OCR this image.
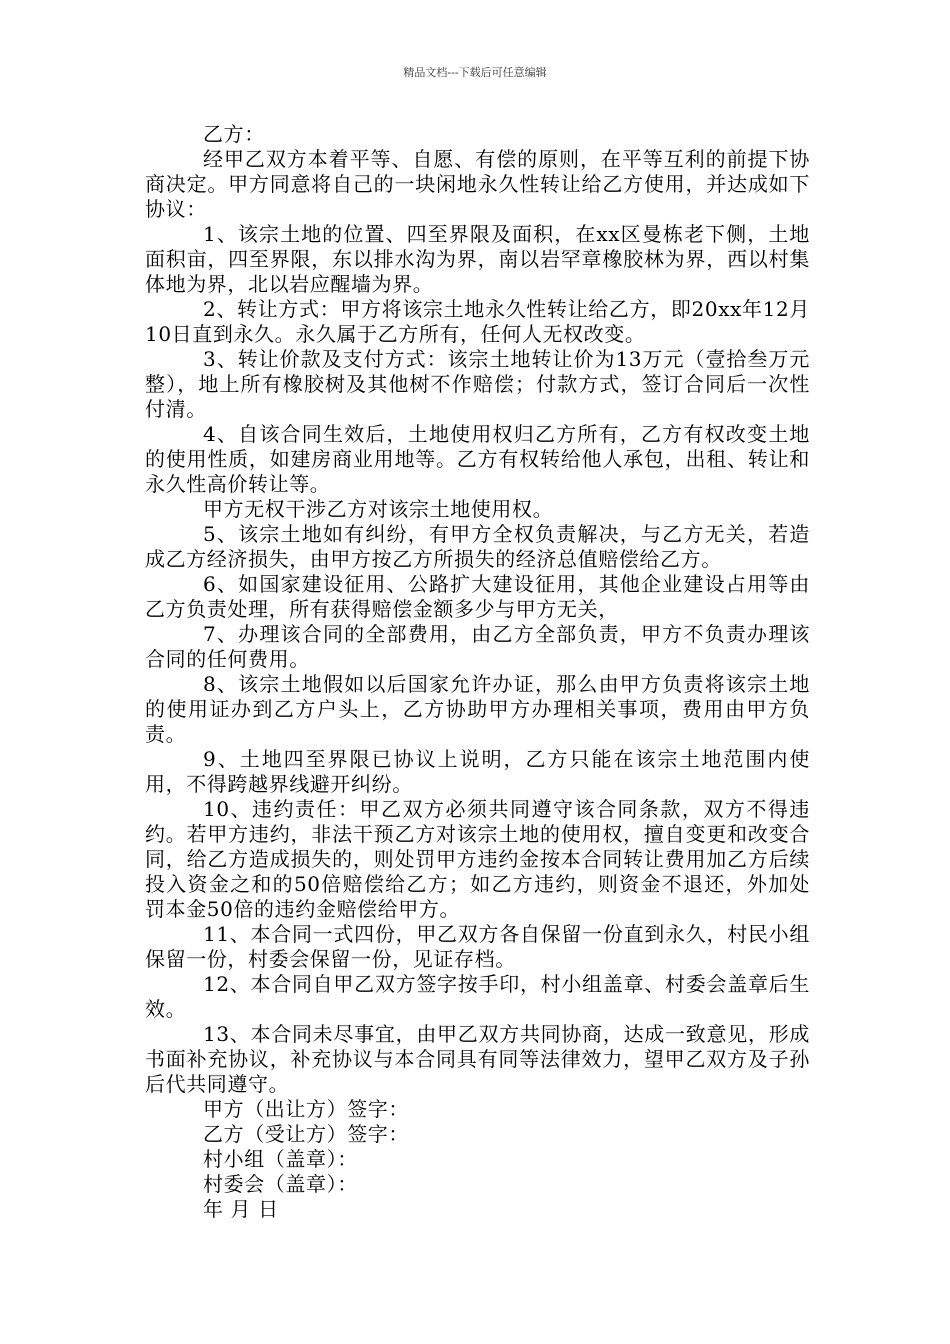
精品文档---下载后可任意编辑

乙方：

经甲乙双方本着平等、自愿、有偿的原则，在平等互利的前提下协商决定。甲方同意将自己的一块闲地永久性转让给乙方使用，并达成如下协议：

1、该宗土地的位置、四至界限及面积，在xx区曼栋老下侧，土地面积亩，四至界限，东以排水沟为界，南以岩罕章橡胶林为界，西以村集体地为界，北以岩应醒墙为界。

2、转让方式：甲方将该宗土地永久性转让给乙方，即20xx年12月10日直到永久。永久属于乙方所有，任何人无权改变。

3、转让价款及支付方式：该宗土地转让价为13万元（壹拾叁万元整），地上所有橡胶树及其他树不作赔偿；付款方式，签订合同后一次性付清。

4、自该合同生效后，土地使用权归乙方所有，乙方有权改变土地的使用性质，如建房商业用地等。乙方有权转给他人承包，出租、转让和永久性高价转让等。

甲方无权干涉乙方对该宗土地使用权。

5、该宗土地如有纠纷，有甲方全权负责解决，与乙方无关，若造成乙方经济损失，由甲方按乙方所损失的经济总值赔偿给乙方。

6、如国家建设征用、公路扩大建设征用，其他企业建设占用等由乙方负责处理，所有获得赔偿金额多少与甲方无关，

7、办理该合同的全部费用，由乙方全部负责，甲方不负责办理该合同的任何费用。

8、该宗土地假如以后国家允许办证，那么由甲方负责将该宗土地的使用证办到乙方户头上，乙方协助甲方办理相关事项，费用由甲方负责。

9、土地四至界限已协议上说明，乙方只能在该宗土地范围内使用，不得跨越界线避开纠纷。

10、违约责任：甲乙双方必须共同遵守该合同条款，双方不得违约。若甲方违约，非法干预乙方对该宗土地的使用权，擅自变更和改变合同，给乙方造成损失的，则处罚甲方违约金按本合同转让费用加乙方后续投入资金之和的50倍赔偿给乙方；如乙方违约，则资金不退还，外加处罚本金50倍的违约金赔偿给甲方。

11、本合同一式四份，甲乙双方各自保留一份直到永久，村民小组保留一份，村委会保留一份，见证存档。

12、本合同自甲乙双方签字按手印，村小组盖章、村委会盖章后生效。

13、本合同未尽事宜，由甲乙双方共同协商，达成一致意见，形成书面补充协议，补充协议与本合同具有同等法律效力，望甲乙双方及子孙后代共同遵守。

甲方（出让方）签字：

乙方（受让方）签字：

村小组（盖章）：

村委会（盖章）：

年 月 日
